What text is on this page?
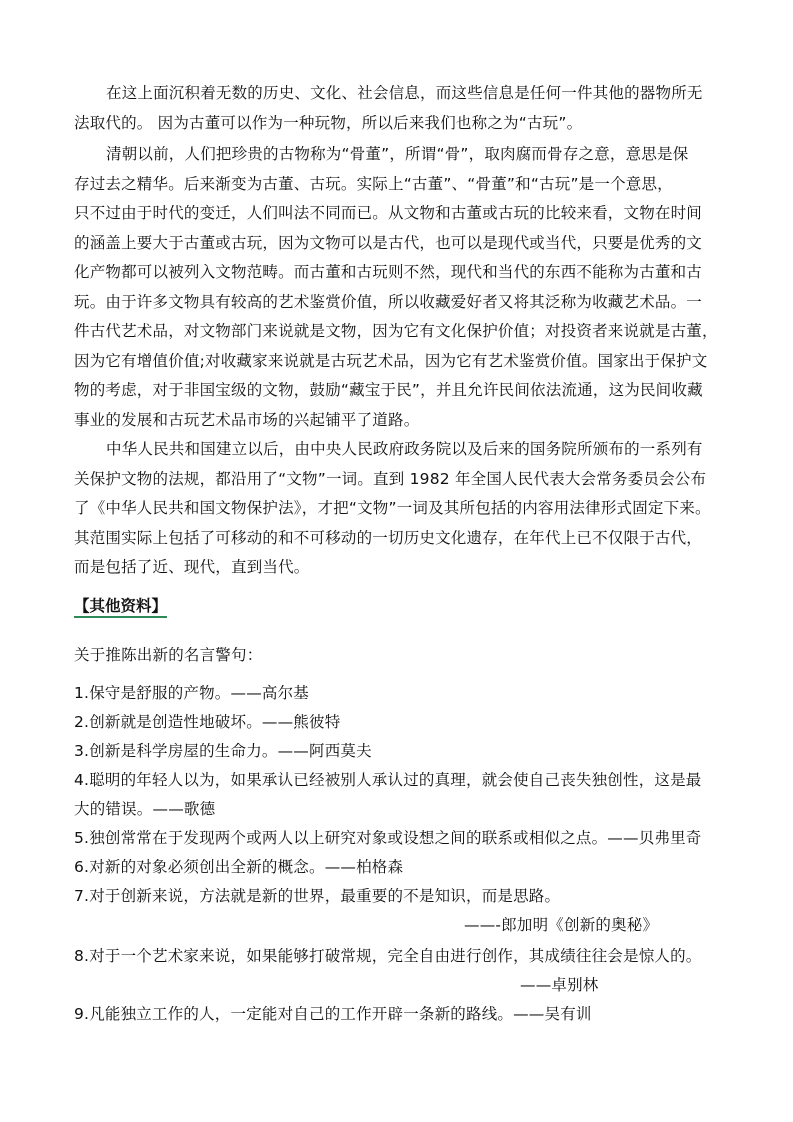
在这上面沉积着无数的历史、文化、社会信息，而这些信息是任何一件其他的器物所无
法取代的。 因为古董可以作为一种玩物，所以后来我们也称之为“古玩”。
清朝以前，人们把珍贵的古物称为“骨董”，所谓“骨”，取肉腐而骨存之意，意思是保
存过去之精华。后来渐变为古董、古玩。实际上“古董”、“骨董”和“古玩”是一个意思，
只不过由于时代的变迁，人们叫法不同而已。从文物和古董或古玩的比较来看，文物在时间
的涵盖上要大于古董或古玩，因为文物可以是古代，也可以是现代或当代，只要是优秀的文
化产物都可以被列入文物范畴。而古董和古玩则不然，现代和当代的东西不能称为古董和古
玩。由于许多文物具有较高的艺术鉴赏价值，所以收藏爱好者又将其泛称为收藏艺术品。一
件古代艺术品，对文物部门来说就是文物，因为它有文化保护价值；对投资者来说就是古董，
因为它有增值价值;对收藏家来说就是古玩艺术品，因为它有艺术鉴赏价值。国家出于保护文
物的考虑，对于非国宝级的文物，鼓励“藏宝于民”，并且允许民间依法流通，这为民间收藏
事业的发展和古玩艺术品市场的兴起铺平了道路。
中华人民共和国建立以后，由中央人民政府政务院以及后来的国务院所颁布的一系列有
关保护文物的法规，都沿用了“文物”一词。直到 1982 年全国人民代表大会常务委员会公布
了《中华人民共和国文物保护法》，才把“文物”一词及其所包括的内容用法律形式固定下来。
其范围实际上包括了可移动的和不可移动的一切历史文化遗存，在年代上已不仅限于古代，
而是包括了近、现代，直到当代。
【其他资料】
关于推陈出新的名言警句：
1.保守是舒服的产物。——高尔基
2.创新就是创造性地破坏。——熊彼特
3.创新是科学房屋的生命力。——阿西莫夫
4.聪明的年轻人以为，如果承认已经被别人承认过的真理，就会使自己丧失独创性，这是最
大的错误。——歌德
5.独创常常在于发现两个或两人以上研究对象或设想之间的联系或相似之点。——贝弗里奇
6.对新的对象必须创出全新的概念。——柏格森
7.对于创新来说，方法就是新的世界，最重要的不是知识，而是思路。
——-郎加明《创新的奥秘》
8.对于一个艺术家来说，如果能够打破常规，完全自由进行创作，其成绩往往会是惊人的。
——卓别林
9.凡能独立工作的人，一定能对自己的工作开辟一条新的路线。——吴有训
